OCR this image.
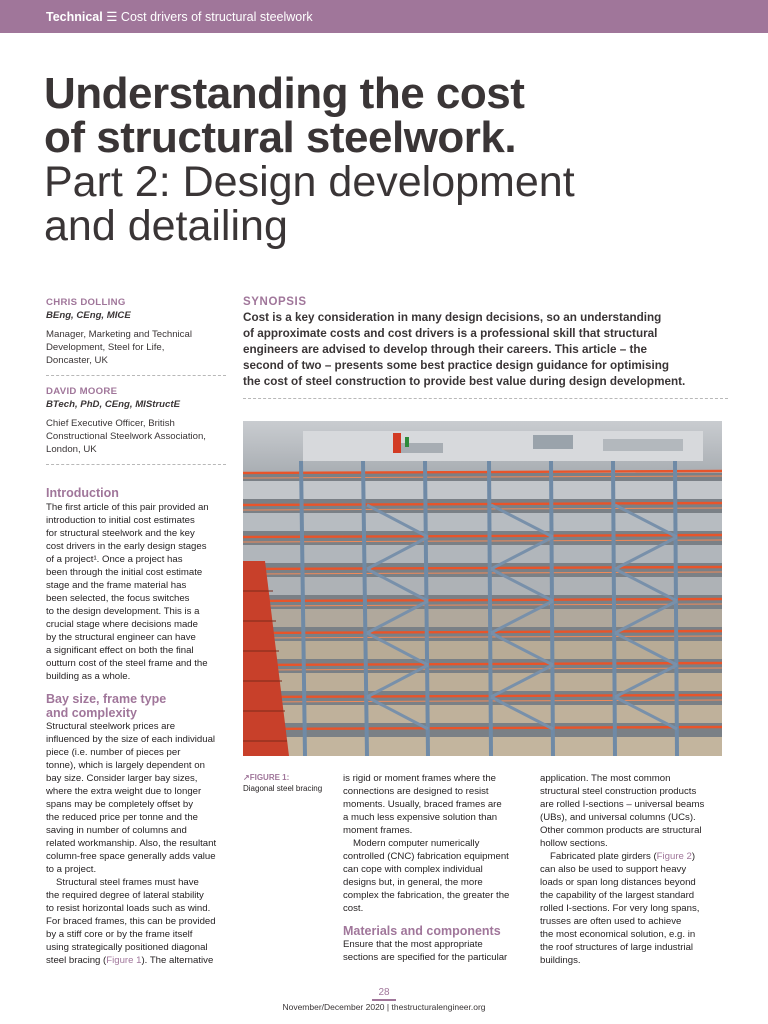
Technical ☰ Cost drivers of structural steelwork
Understanding the cost
of structural steelwork.
Part 2: Design development
and detailing
CHRIS DOLLING
BEng, CEng, MICE
Manager, Marketing and Technical
Development, Steel for Life,
Doncaster, UK
DAVID MOORE
BTech, PhD, CEng, MIStructE
Chief Executive Officer, British
Constructional Steelwork Association,
London, UK
SYNOPSIS
Cost is a key consideration in many design decisions, so an understanding
of approximate costs and cost drivers is a professional skill that structural
engineers are advised to develop through their careers. This article – the
second of two – presents some best practice design guidance for optimising
the cost of steel construction to provide best value during design development.
↗FIGURE 1:
Diagonal steel bracing
Introduction
The first article of this pair provided an
introduction to initial cost estimates
for structural steelwork and the key
cost drivers in the early design stages
of a project¹. Once a project has
been through the initial cost estimate
stage and the frame material has
been selected, the focus switches
to the design development. This is a
crucial stage where decisions made
by the structural engineer can have
a significant effect on both the final
outturn cost of the steel frame and the
building as a whole.
Bay size, frame type
and complexity
Structural steelwork prices are
influenced by the size of each individual
piece (i.e. number of pieces per
tonne), which is largely dependent on
bay size. Consider larger bay sizes,
where the extra weight due to longer
spans may be completely offset by
the reduced price per tonne and the
saving in number of columns and
related workmanship. Also, the resultant
column-free space generally adds value
to a project.
Structural steel frames must have
the required degree of lateral stability
to resist horizontal loads such as wind.
For braced frames, this can be provided
by a stiff core or by the frame itself
using strategically positioned diagonal
steel bracing (Figure 1). The alternative
is rigid or moment frames where the
connections are designed to resist
moments. Usually, braced frames are
a much less expensive solution than
moment frames.
Modern computer numerically
controlled (CNC) fabrication equipment
can cope with complex individual
designs but, in general, the more
complex the fabrication, the greater the
cost.
Materials and components
Ensure that the most appropriate
sections are specified for the particular
application. The most common
structural steel construction products
are rolled I-sections – universal beams
(UBs), and universal columns (UCs).
Other common products are structural
hollow sections.
Fabricated plate girders (Figure 2)
can also be used to support heavy
loads or span long distances beyond
the capability of the largest standard
rolled I-sections. For very long spans,
trusses are often used to achieve
the most economical solution, e.g. in
the roof structures of large industrial
buildings.
28
November/December 2020 | thestructuralengineer.org
